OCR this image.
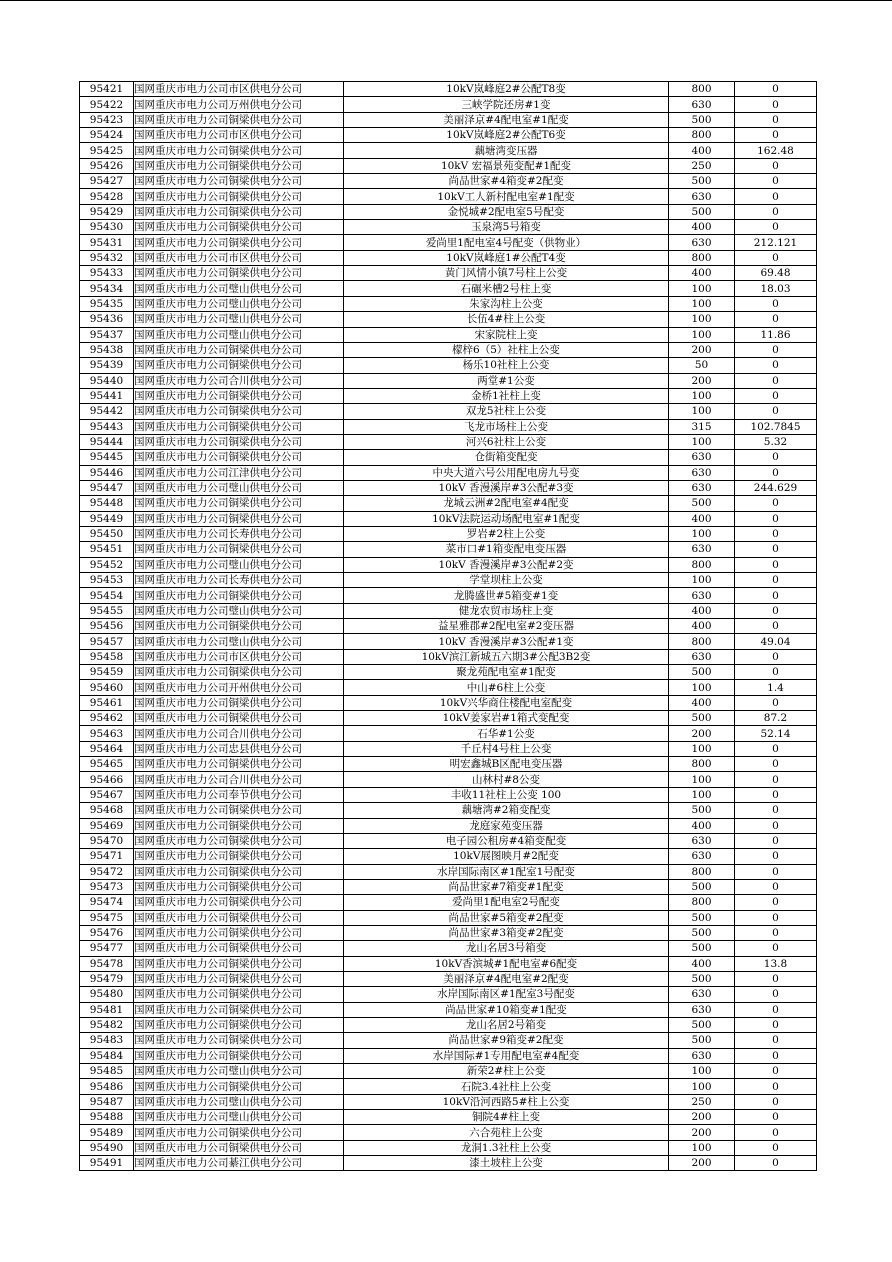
95421	国网重庆市电力公司市区供电分公司	10kV岚峰庭2#公配T8变	800	0
95422	国网重庆市电力公司万州供电分公司	三峡学院还房#1变	630	0
95423	国网重庆市电力公司铜梁供电分公司	美丽泽京#4配电室#1配变	500	0
95424	国网重庆市电力公司市区供电分公司	10kV岚峰庭2#公配T6变	800	0
95425	国网重庆市电力公司铜梁供电分公司	藕塘湾变压器	400	162.48
95426	国网重庆市电力公司铜梁供电分公司	10kV 宏福景苑变配#1配变	250	0
95427	国网重庆市电力公司铜梁供电分公司	尚品世家#4箱变#2配变	500	0
95428	国网重庆市电力公司铜梁供电分公司	10kV工人新村配电室#1配变	630	0
95429	国网重庆市电力公司铜梁供电分公司	金悦城#2配电室5号配变	500	0
95430	国网重庆市电力公司铜梁供电分公司	玉泉湾5号箱变	400	0
95431	国网重庆市电力公司铜梁供电分公司	爱尚里1配电室4号配变（供物业）	630	212.121
95432	国网重庆市电力公司市区供电分公司	10kV岚峰庭1#公配T4变	800	0
95433	国网重庆市电力公司铜梁供电分公司	黄门风情小镇7号柱上公变	400	69.48
95434	国网重庆市电力公司璧山供电分公司	石碾米槽2号柱上变	100	18.03
95435	国网重庆市电力公司璧山供电分公司	朱家沟柱上公变	100	0
95436	国网重庆市电力公司璧山供电分公司	长伍4#柱上公变	100	0
95437	国网重庆市电力公司璧山供电分公司	宋家院柱上变	100	11.86
95438	国网重庆市电力公司铜梁供电分公司	檬梓6（5）社柱上公变	200	0
95439	国网重庆市电力公司铜梁供电分公司	杨乐10社柱上公变	50	0
95440	国网重庆市电力公司合川供电分公司	两堂#1公变	200	0
95441	国网重庆市电力公司铜梁供电分公司	金桥1社柱上变	100	0
95442	国网重庆市电力公司铜梁供电分公司	双龙5社柱上公变	100	0
95443	国网重庆市电力公司铜梁供电分公司	飞龙市场柱上公变	315	102.7845
95444	国网重庆市电力公司铜梁供电分公司	河兴6社柱上公变	100	5.32
95445	国网重庆市电力公司铜梁供电分公司	仓街箱变配变	630	0
95446	国网重庆市电力公司江津供电分公司	中央大道六号公用配电房九号变	630	0
95447	国网重庆市电力公司璧山供电分公司	10kV 香漫溪岸#3公配#3变	630	244.629
95448	国网重庆市电力公司铜梁供电分公司	龙城云洲#2配电室#4配变	500	0
95449	国网重庆市电力公司铜梁供电分公司	10kV法院运动场配电室#1配变	400	0
95450	国网重庆市电力公司长寿供电分公司	罗岩#2柱上公变	100	0
95451	国网重庆市电力公司铜梁供电分公司	菜市口#1箱变配电变压器	630	0
95452	国网重庆市电力公司璧山供电分公司	10kV 香漫溪岸#3公配#2变	800	0
95453	国网重庆市电力公司长寿供电分公司	学堂坝柱上公变	100	0
95454	国网重庆市电力公司铜梁供电分公司	龙腾盛世#5箱变#1变	630	0
95455	国网重庆市电力公司璧山供电分公司	健龙农贸市场柱上变	400	0
95456	国网重庆市电力公司铜梁供电分公司	益星雅郡#2配电室#2变压器	400	0
95457	国网重庆市电力公司璧山供电分公司	10kV 香漫溪岸#3公配#1变	800	49.04
95458	国网重庆市电力公司市区供电分公司	10kV滨江新城五六期3#公配3B2变	630	0
95459	国网重庆市电力公司铜梁供电分公司	聚龙苑配电室#1配变	500	0
95460	国网重庆市电力公司开州供电分公司	中山#6柱上公变	100	1.4
95461	国网重庆市电力公司铜梁供电分公司	10kV兴华商住楼配电室配变	400	0
95462	国网重庆市电力公司铜梁供电分公司	10kV姜家岩#1箱式变配变	500	87.2
95463	国网重庆市电力公司合川供电分公司	石华#1公变	200	52.14
95464	国网重庆市电力公司忠县供电分公司	千丘村4号柱上公变	100	0
95465	国网重庆市电力公司铜梁供电分公司	明宏鑫城B区配电变压器	800	0
95466	国网重庆市电力公司合川供电分公司	山林村#8公变	100	0
95467	国网重庆市电力公司奉节供电分公司	丰收11社柱上公变 100	100	0
95468	国网重庆市电力公司铜梁供电分公司	藕塘湾#2箱变配变	500	0
95469	国网重庆市电力公司铜梁供电分公司	龙庭家苑变压器	400	0
95470	国网重庆市电力公司铜梁供电分公司	电子园公租房#4箱变配变	630	0
95471	国网重庆市电力公司铜梁供电分公司	10kV展图映月#2配变	630	0
95472	国网重庆市电力公司铜梁供电分公司	水岸国际南区#1配室1号配变	800	0
95473	国网重庆市电力公司铜梁供电分公司	尚品世家#7箱变#1配变	500	0
95474	国网重庆市电力公司铜梁供电分公司	爱尚里1配电室2号配变	800	0
95475	国网重庆市电力公司铜梁供电分公司	尚品世家#5箱变#2配变	500	0
95476	国网重庆市电力公司铜梁供电分公司	尚品世家#3箱变#2配变	500	0
95477	国网重庆市电力公司铜梁供电分公司	龙山名居3号箱变	500	0
95478	国网重庆市电力公司铜梁供电分公司	10kV香滨城#1配电室#6配变	400	13.8
95479	国网重庆市电力公司铜梁供电分公司	美丽泽京#4配电室#2配变	500	0
95480	国网重庆市电力公司铜梁供电分公司	水岸国际南区#1配室3号配变	630	0
95481	国网重庆市电力公司铜梁供电分公司	尚品世家#10箱变#1配变	630	0
95482	国网重庆市电力公司铜梁供电分公司	龙山名居2号箱变	500	0
95483	国网重庆市电力公司铜梁供电分公司	尚品世家#9箱变#2配变	500	0
95484	国网重庆市电力公司铜梁供电分公司	水岸国际#1专用配电室#4配变	630	0
95485	国网重庆市电力公司璧山供电分公司	新荣2#柱上公变	100	0
95486	国网重庆市电力公司铜梁供电分公司	石院3.4社柱上公变	100	0
95487	国网重庆市电力公司璧山供电分公司	10kV沿河西路5#柱上公变	250	0
95488	国网重庆市电力公司璧山供电分公司	铜院4#柱上变	200	0
95489	国网重庆市电力公司铜梁供电分公司	六合苑柱上公变	200	0
95490	国网重庆市电力公司铜梁供电分公司	龙洞1.3社柱上公变	100	0
95491	国网重庆市电力公司綦江供电分公司	漆土坡柱上公变	200	0
